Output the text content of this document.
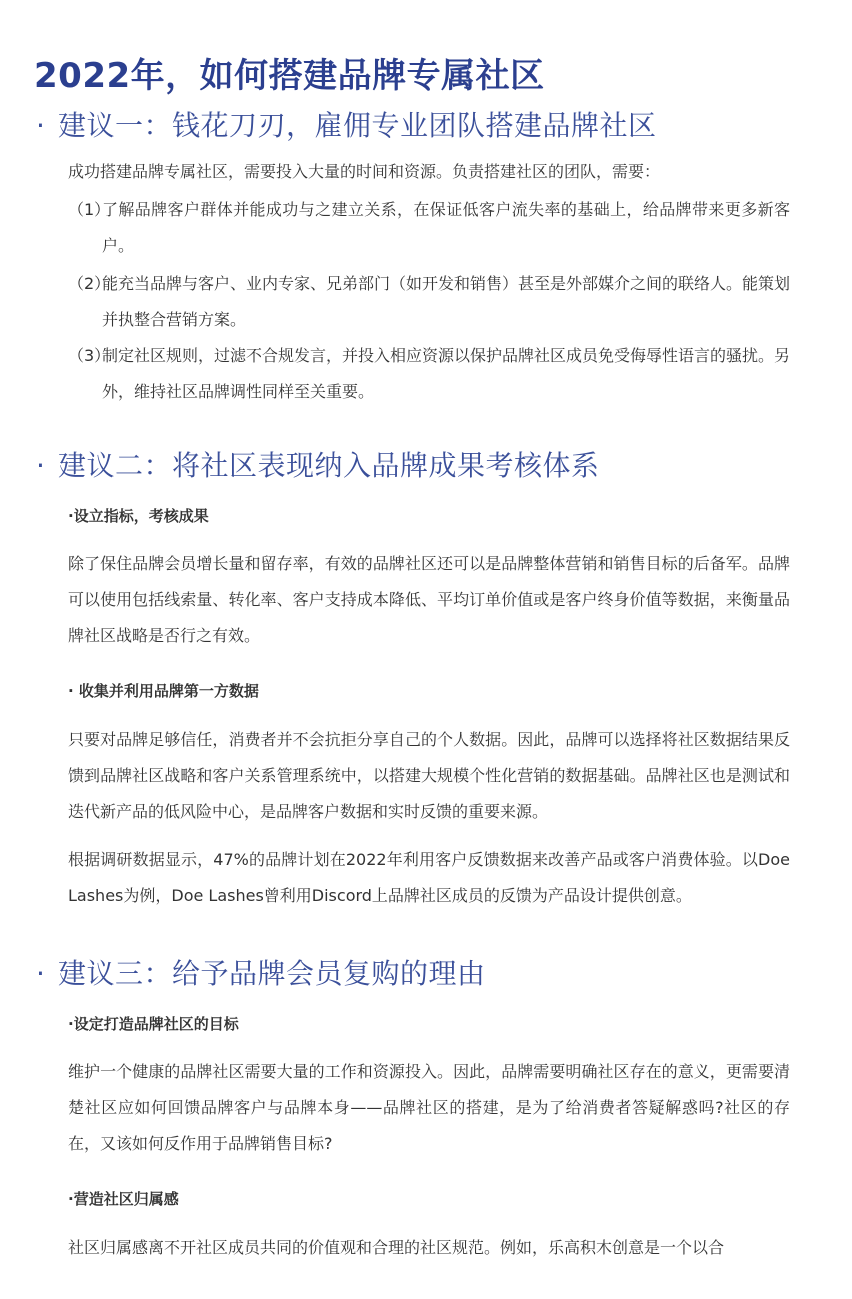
2022年，如何搭建品牌专属社区
· 建议一：钱花刀刃，雇佣专业团队搭建品牌社区
成功搭建品牌专属社区，需要投入大量的时间和资源。负责搭建社区的团队，需要：
（1）
了解品牌客户群体并能成功与之建立关系，在保证低客户流失率的基础上，给品牌带来更多新客户。
（2）
能充当品牌与客户、业内专家、兄弟部门（如开发和销售）甚至是外部媒介之间的联络人。能策划并执整合营销方案。
（3）
制定社区规则，过滤不合规发言，并投入相应资源以保护品牌社区成员免受侮辱性语言的骚扰。另外，维持社区品牌调性同样至关重要。
· 建议二：将社区表现纳入品牌成果考核体系
·设立指标，考核成果
除了保住品牌会员增长量和留存率，有效的品牌社区还可以是品牌整体营销和销售目标的后备军。品牌可以使用包括线索量、转化率、客户支持成本降低、平均订单价值或是客户终身价值等数据，来衡量品牌社区战略是否行之有效。
· 收集并利用品牌第一方数据
只要对品牌足够信任，消费者并不会抗拒分享自己的个人数据。因此，品牌可以选择将社区数据结果反馈到品牌社区战略和客户关系管理系统中，以搭建大规模个性化营销的数据基础。品牌社区也是测试和迭代新产品的低风险中心，是品牌客户数据和实时反馈的重要来源。
根据调研数据显示，47%的品牌计划在2022年利用客户反馈数据来改善产品或客户消费体验。以Doe Lashes为例，Doe Lashes曾利用Discord上品牌社区成员的反馈为产品设计提供创意。
· 建议三：给予品牌会员复购的理由
·设定打造品牌社区的目标
维护一个健康的品牌社区需要大量的工作和资源投入。因此，品牌需要明确社区存在的意义，更需要清楚社区应如何回馈品牌客户与品牌本身——品牌社区的搭建，是为了给消费者答疑解惑吗?社区的存在，又该如何反作用于品牌销售目标?
·营造社区归属感
社区归属感离不开社区成员共同的价值观和合理的社区规范。例如，乐高积木创意是一个以合
